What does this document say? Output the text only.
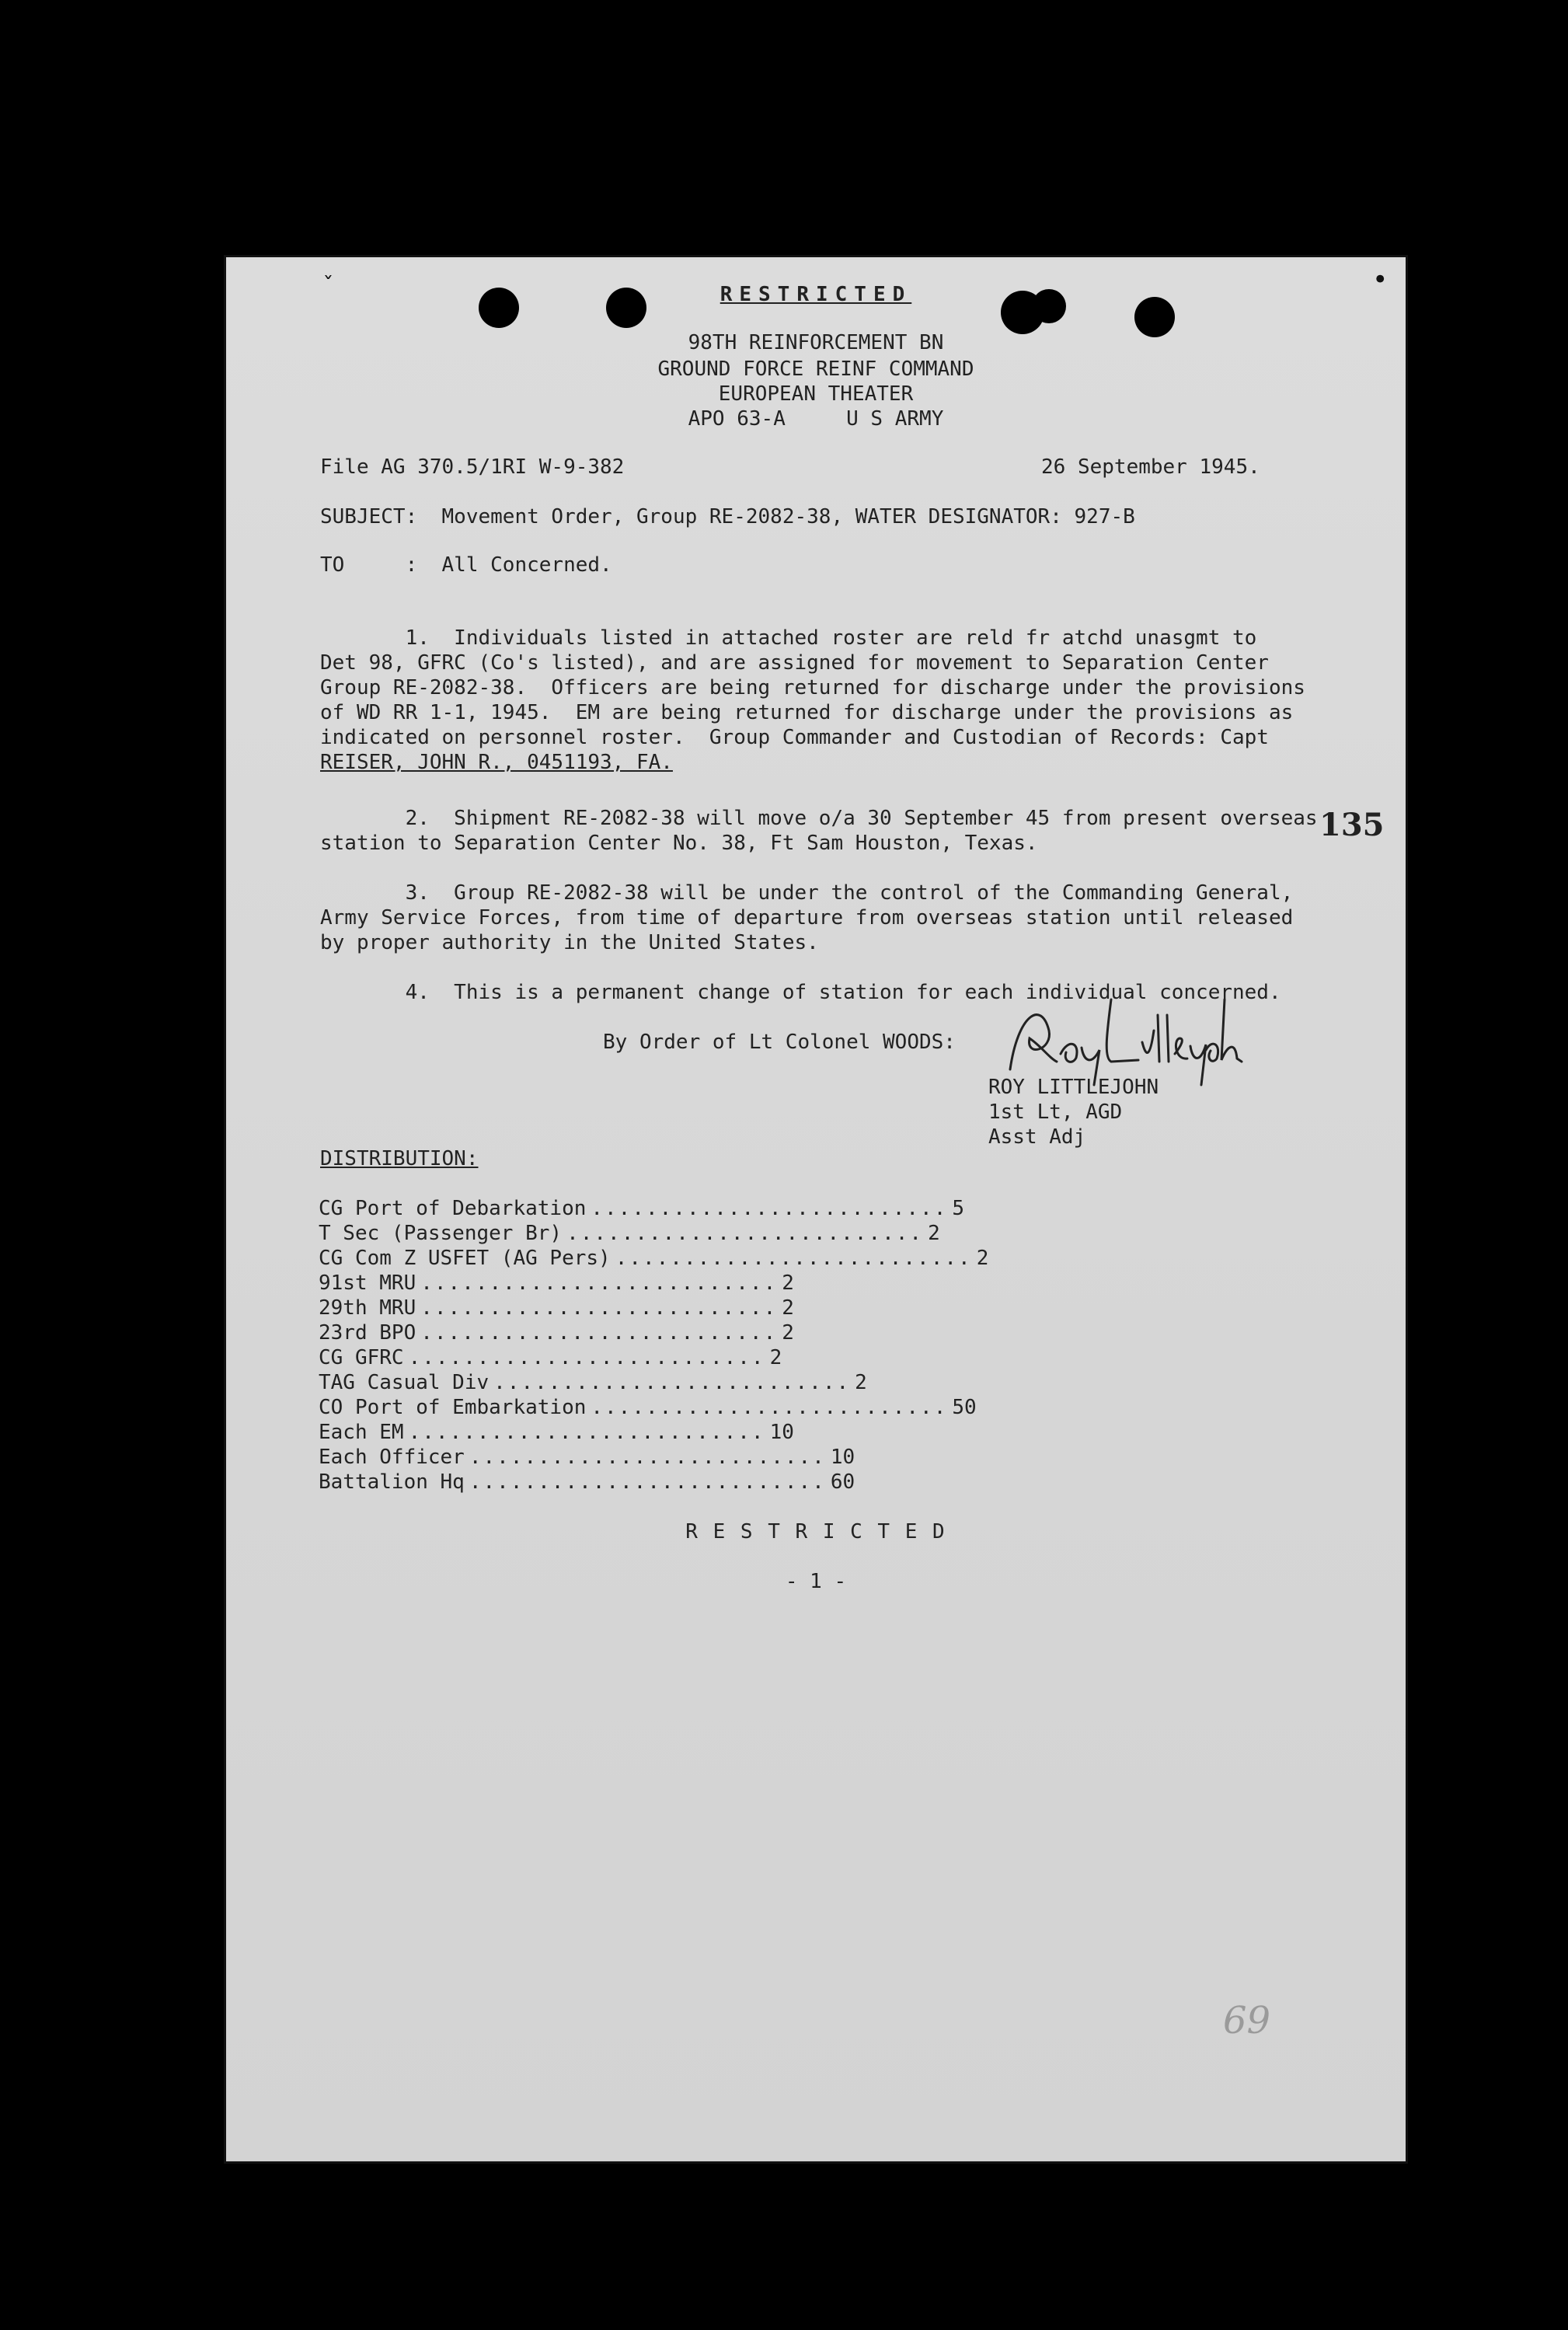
ˇ	•
RESTRICTED
98TH REINFORCEMENT BN
GROUND FORCE REINF COMMAND
EUROPEAN THEATER
APO 63-A     U S ARMY
File AG 370.5/1RI W-9-382	26 September 1945.
SUBJECT:  Movement Order, Group RE-2082-38, WATER DESIGNATOR: 927-B
TO     :  All Concerned.
1.  Individuals listed in attached roster are reld fr atchd unasgmt to
Det 98, GFRC (Co's listed), and are assigned for movement to Separation Center
Group RE-2082-38.  Officers are being returned for discharge under the provisions
of WD RR 1-1, 1945.  EM are being returned for discharge under the provisions as
indicated on personnel roster.  Group Commander and Custodian of Records: Capt
REISER, JOHN R., 0451193, FA.
2.  Shipment RE-2082-38 will move o/a 30 September 45 from present overseas
station to Separation Center No. 38, Ft Sam Houston, Texas.
3.  Group RE-2082-38 will be under the control of the Commanding General,
Army Service Forces, from time of departure from overseas station until released
by proper authority in the United States.
4.  This is a permanent change of station for each individual concerned.
By Order of Lt Colonel WOODS:
ROY LITTLEJOHN
1st Lt, AGD
Asst Adj
DISTRIBUTION:
R E S T R I C T E D
- 1 -
CG Port of Debarkation .......................... 5
T Sec (Passenger Br) .......................... 2
CG Com Z USFET (AG Pers) .......................... 2
91st MRU .......................... 2
29th MRU .......................... 2
23rd BPO .......................... 2
CG GFRC .......................... 2
TAG Casual Div .......................... 2
CO Port of Embarkation .......................... 50
Each EM .......................... 10
Each Officer .......................... 10
Battalion Hq .......................... 60
135
69
